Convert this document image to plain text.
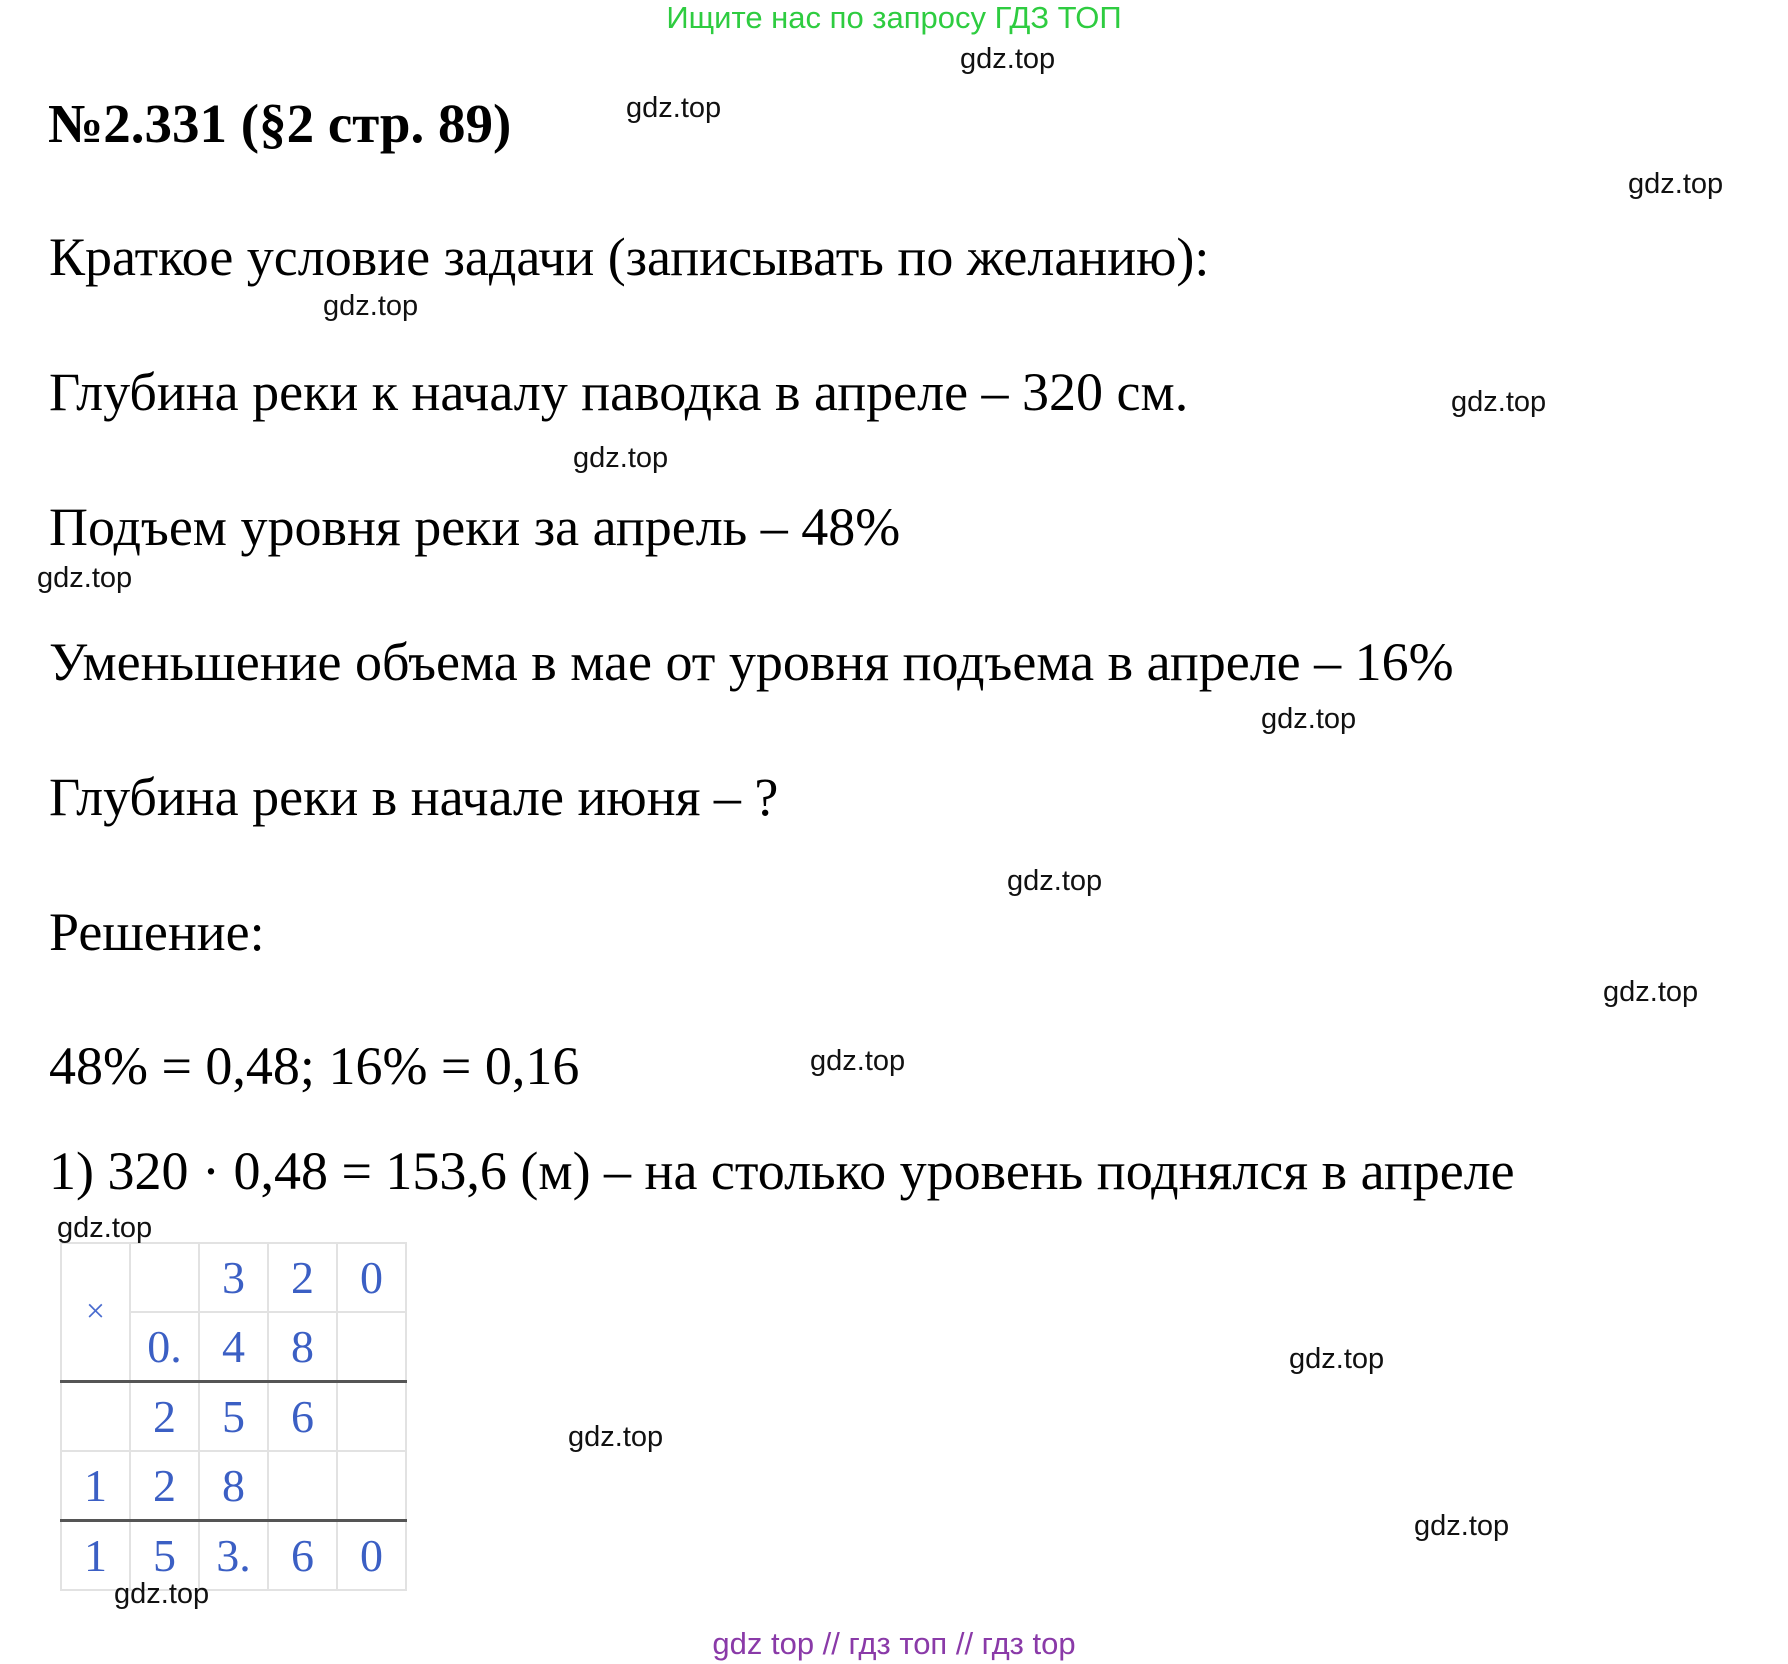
Ищите нас по запросу ГДЗ ТОП
№2.331 (§2 стр. 89)
Краткое условие задачи (записывать по желанию):
Глубина реки к началу паводка в апреле – 320 см.
Подъем уровня реки за апрель – 48%
Уменьшение объема в мае от уровня подъема в апреле – 16%
Глубина реки в начале июня – ?
Решение:
48% = 0,48; 16% = 0,16
1) 320 · 0,48 = 153,6 (м) – на столько уровень поднялся в апреле
×		3	2	0
	0.	4	8	
	2	5	6	
1	2	8		
1	5	3.	6	0
gdz.top
gdz.top
gdz.top
gdz.top
gdz.top
gdz.top
gdz.top
gdz.top
gdz.top
gdz.top
gdz.top
gdz.top
gdz.top
gdz.top
gdz.top
gdz.top
gdz top // гдз топ // гдз top
